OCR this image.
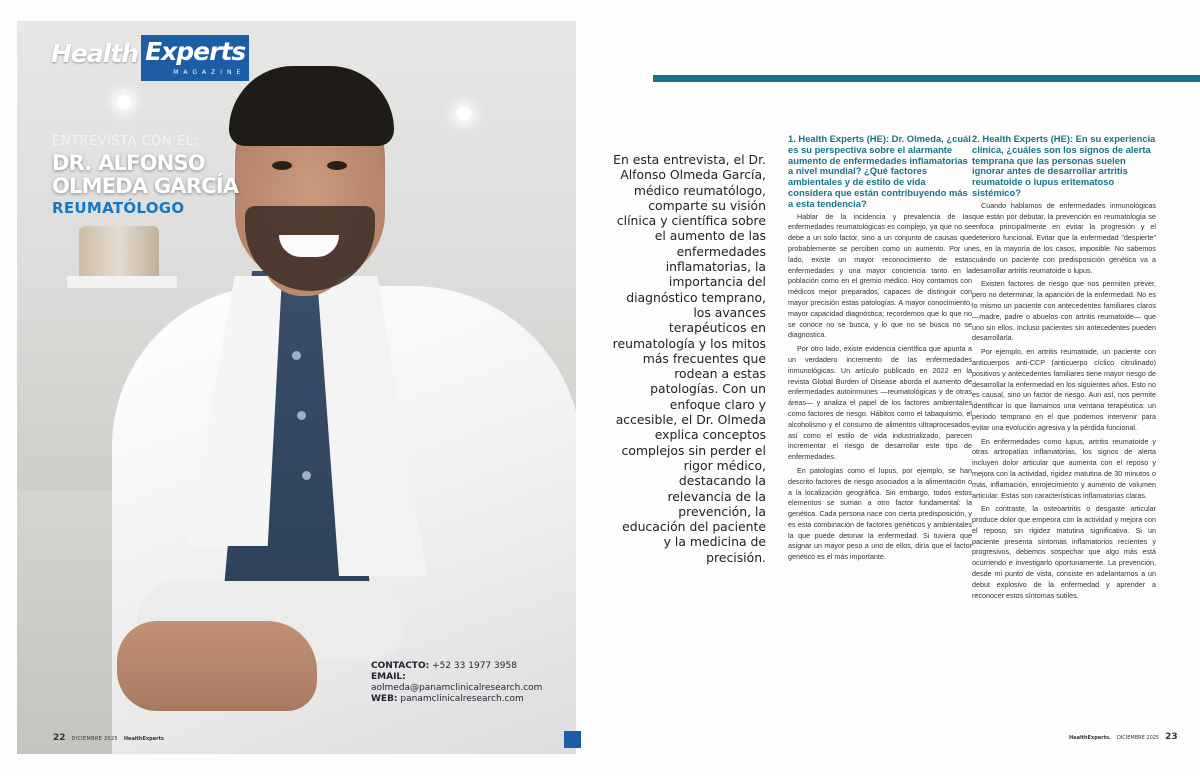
Health Experts
MAGAZINE
ENTREVISTA CON EL:
DR. ALFONSO
OLMEDA GARCÍA
REUMATÓLOGO
CONTACTO: +52 33 1977 3958
EMAIL: aolmeda@panamclinicalresearch.com
WEB: panamclinicalresearch.com
22 DICIEMBRE 2025 HealthExperts
En esta entrevista, el Dr. Alfonso Olmeda García, médico reumatólogo, comparte su visión clínica y científica sobre el aumento de las enfermedades inflamatorias, la importancia del diagnóstico temprano, los avances terapéuticos en reumatología y los mitos más frecuentes que rodean a estas patologías. Con un enfoque claro y accesible, el Dr. Olmeda explica conceptos complejos sin perder el rigor médico, destacando la relevancia de la prevención, la educación del paciente y la medicina de precisión.
1. Health Experts (HE): Dr. Olmeda, ¿cuál es su perspectiva sobre el alarmante aumento de enfermedades inflamatorias a nivel mundial? ¿Qué factores ambientales y de estilo de vida considera que están contribuyendo más a esta tendencia?

Hablar de la incidencia y prevalencia de las enfermedades reumatológicas es complejo, ya que no se debe a un solo factor, sino a un conjunto de causas que probablemente se perciben como un aumento. Por un lado, existe un mayor reconocimiento de estas enfermedades y una mayor conciencia tanto en la población como en el gremio médico. Hoy contamos con médicos mejor preparados, capaces de distinguir con mayor precisión estas patologías. A mayor conocimiento, mayor capacidad diagnóstica; recordemos que lo que no se conoce no se busca, y lo que no se busca no se diagnostica.

Por otro lado, existe evidencia científica que apunta a un verdadero incremento de las enfermedades inmunológicas. Un artículo publicado en 2022 en la revista Global Burden of Disease aborda el aumento de enfermedades autoinmunes —reumatológicas y de otras áreas— y analiza el papel de los factores ambientales como factores de riesgo. Hábitos como el tabaquismo, el alcoholismo y el consumo de alimentos ultraprocesados, así como el estilo de vida industrializado, parecen incrementar el riesgo de desarrollar este tipo de enfermedades.

En patologías como el lupus, por ejemplo, se han descrito factores de riesgo asociados a la alimentación o a la localización geográfica. Sin embargo, todos estos elementos se suman a otro factor fundamental: la genética. Cada persona nace con cierta predisposición, y es esta combinación de factores genéticos y ambientales la que puede detonar la enfermedad. Si tuviera que asignar un mayor peso a uno de ellos, diría que el factor genético es el más importante.

2. Health Experts (HE): En su experiencia clínica, ¿cuáles son los signos de alerta temprana que las personas suelen ignorar antes de desarrollar artritis reumatoide o lupus eritematoso sistémico?

Cuando hablamos de enfermedades inmunológicas que están por debutar, la prevención en reumatología se enfoca principalmente en evitar la progresión y el deterioro funcional. Evitar que la enfermedad "despierte" es, en la mayoría de los casos, imposible. No sabemos cuándo un paciente con predisposición genética va a desarrollar artritis reumatoide o lupus.

Existen factores de riesgo que nos permiten prever, pero no determinar, la aparición de la enfermedad. No es lo mismo un paciente con antecedentes familiares claros —madre, padre o abuelos con artritis reumatoide— que uno sin ellos. Incluso pacientes sin antecedentes pueden desarrollarla.

Por ejemplo, en artritis reumatoide, un paciente con anticuerpos anti-CCP (anticuerpo cíclico citrulinado) positivos y antecedentes familiares tiene mayor riesgo de desarrollar la enfermedad en los siguientes años. Esto no es causal, sino un factor de riesgo. Aun así, nos permite identificar lo que llamamos una ventana terapéutica: un periodo temprano en el que podemos intervenir para evitar una evolución agresiva y la pérdida funcional.

En enfermedades como lupus, artritis reumatoide y otras artropatías inflamatorias, los signos de alerta incluyen dolor articular que aumenta con el reposo y mejora con la actividad, rigidez matutina de 30 minutos o más, inflamación, enrojecimiento y aumento de volumen articular. Estas son características inflamatorias claras.

En contraste, la osteoartritis o desgaste articular produce dolor que empeora con la actividad y mejora con el reposo, sin rigidez matutina significativa. Si un paciente presenta síntomas inflamatorios recientes y progresivos, debemos sospechar que algo más está ocurriendo e investigarlo oportunamente. La prevención, desde mi punto de vista, consiste en adelantarnos a un debut explosivo de la enfermedad y aprender a reconocer estos síntomas sutiles.

HealthExperts. DICIEMBRE 2025 23
